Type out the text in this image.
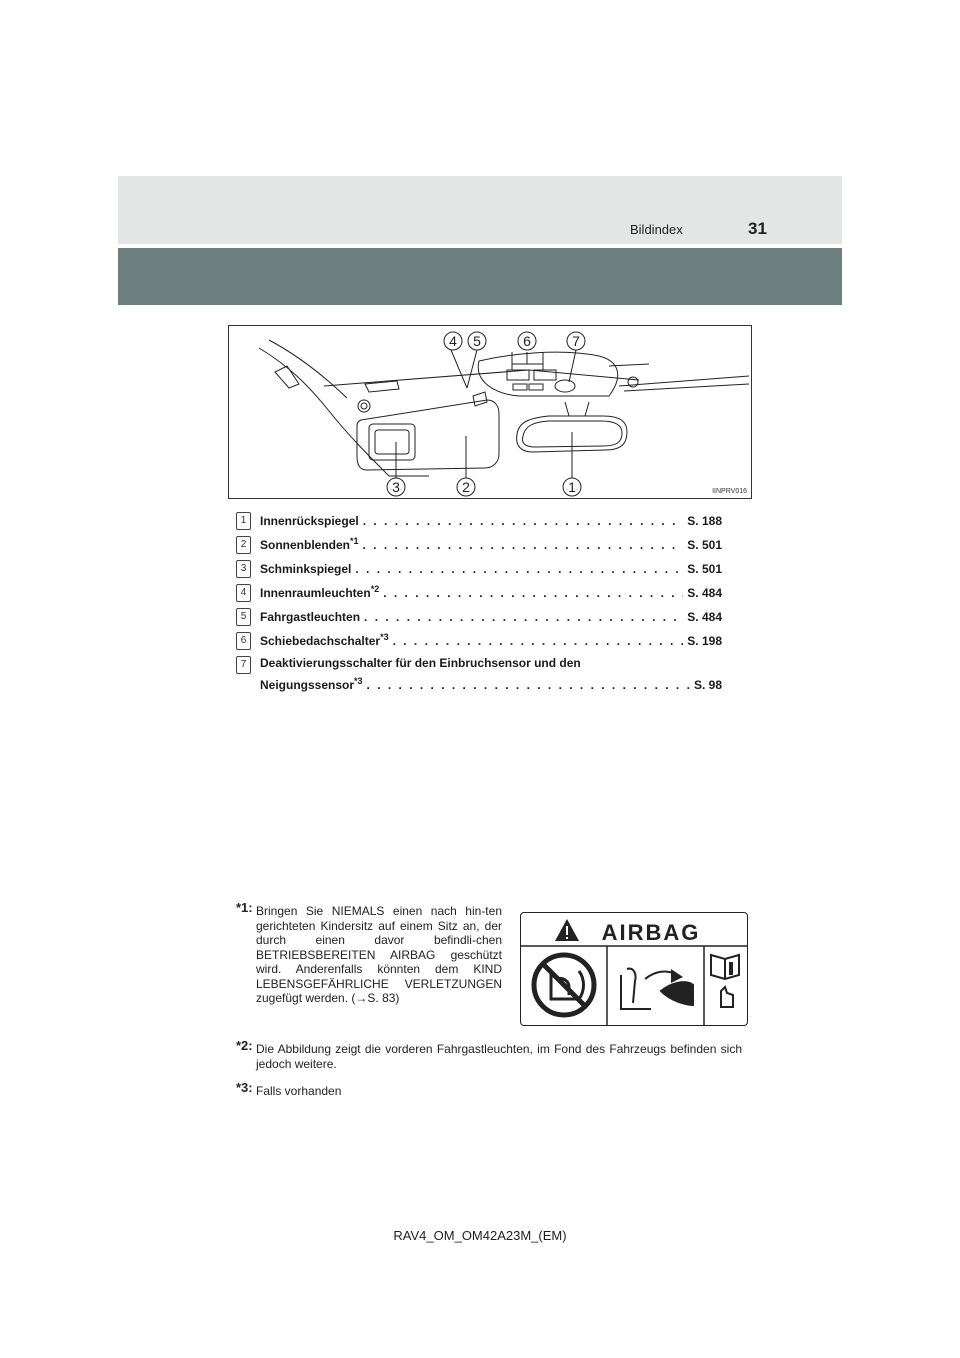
Bildindex	31
4 5	6	7
3	2	1	IINPRV016
1	Innenrückspiegel . . .	S. 188
2	Sonnenblenden$^{*1}$ . . .	S. 501
3	Schminkspiegel . . .	S. 501
4	Innenraumleuchten$^{*2}$ . . .	S. 484
5	Fahrgastleuchten . . .	S. 484
6	Schiebedachschalter$^{*3}$ . . .	S. 198
7	Deaktivierungsschalter für den Einbruchsensor und den
Neigungssensor$^{*3}$ . . .	S. 98
*1: Bringen Sie NIEMALS einen nach hin-ten gerichteten Kindersitz auf einem Sitz an, der durch einen davor befindli-chen BETRIEBSBEREITEN AIRBAG geschützt wird. Anderenfalls könnten dem KIND LEBENSGEFÄHRLICHE VERLETZUNGEN zugefügt werden. (→S. 83)
*2: Die Abbildung zeigt die vorderen Fahrgastleuchten, im Fond des Fahrzeugs befinden sich jedoch weitere.
*3: Falls vorhanden
AIRBAG
RAV4_OM_OM42A23M_(EM)
